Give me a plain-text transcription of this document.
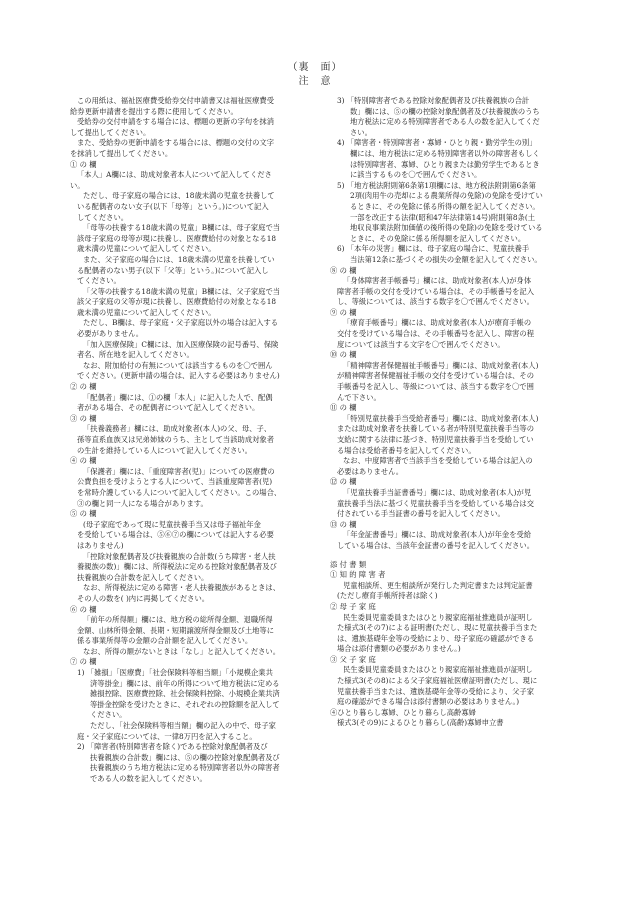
（裏　面）
注　意
この用紙は、福祉医療費受給券交付申請書又は福祉医療費受
給券更新申請書を提出する際に使用してください。
受給券の交付申請をする場合には、標題の更新の字句を抹消
して提出してください。
また、受給券の更新申請をする場合には、標題の交付の文字
を抹消して提出してください。
① の 欄
「本人」A欄には、助成対象者本人について記入してくださ
い。
ただし、母子家庭の場合には、18歳未満の児童を扶養して
いる配偶者のない女子(以下「母等」という。)について記入
してください。
「母等の扶養する18歳未満の児童」B欄には、母子家庭で当
該母子家庭の母等が現に扶養し、医療費給付の対象となる18
歳未満の児童について記入してください。
また、父子家庭の場合には、18歳未満の児童を扶養してい
る配偶者のない男子(以下「父等」という。)について記入し
てください。
「父等の扶養する18歳未満の児童」B欄には、父子家庭で当
該父子家庭の父等が現に扶養し、医療費給付の対象となる18
歳未満の児童について記入してください。
ただし、B欄は、母子家庭・父子家庭以外の場合は記入する
必要がありません。
「加入医療保険」C欄には、加入医療保険の記号番号、保険
者名、所在地を記入してください。
なお、附加給付の有無については該当するものを〇で囲ん
でください。(更新申請の場合は、記入する必要はありません)
② の 欄
「配偶者」欄には、①の欄「本人」に記入した人で、配偶
者がある場合、その配偶者について記入してください。
③ の 欄
「扶養義務者」欄には、助成対象者(本人)の父、母、子、
孫等直系血族又は兄弟姉妹のうち、主として当該助成対象者
の生計を維持している人について記入してください。
④ の 欄
「保護者」欄には、「重度障害者(児)」についての医療費の
公費負担を受けようとする人について、当該重度障害者(児)
を常時介護している人について記入してください。この場合、
③の欄と同一人になる場合があります。
⑤ の 欄
(母子家庭であって現に児童扶養手当又は母子福祉年金
を受給している場合は、⑤⑥⑦の欄については記入する必要
はありません)
「控除対象配偶者及び扶養親族の合計数(うち障害・老人扶
養親族の数)」欄には、所得税法に定める控除対象配偶者及び
扶養親族の合計数を記入してください。
なお、所得税法に定める障害・老人扶養親族があるときは、
その人の数を( )内に再掲してください。
⑥ の 欄
「前年の所得額」欄には、地方税の総所得金額、退職所得
金額、山林所得金額、長期・短期譲渡所得金額及び土地等に
係る事業所得等の金額の合計額を記入してください。
なお、所得の額がないときは「なし」と記入してください。
⑦ の 欄
1) 「雑損」「医療費」「社会保険料等相当額」「小規模企業共
済等掛金」欄には、前年の所得について地方税法に定める
雑損控除、医療費控除、社会保険料控除、小規模企業共済
等掛金控除を受けたときに、それぞれの控除額を記入して
ください。
ただし、「社会保険料等相当額」欄の記入の中で、母子家
庭・父子家庭については、一律8万円を記入すること。
2) 「障害者(特別障害者を除く)である控除対象配偶者及び
扶養親族の合計数」欄には、⑤の欄の控除対象配偶者及び
扶養親族のうち地方税法に定める特別障害者以外の障害者
である人の数を記入してください。
3) 「特別障害者である控除対象配偶者及び扶養親族の合計
数」欄には、⑤の欄の控除対象配偶者及び扶養親族のうち
地方税法に定める特別障害者である人の数を記入してくだ
さい。
4) 「障害者・特別障害者・寡婦・ひとり親・勤労学生の別」
欄には、地方税法に定める特別障害者以外の障害者もしく
は特別障害者、寡婦、ひとり親または勤労学生であるとき
に該当するものを〇で囲んでください。
5) 「地方税法附則第6条第1項欄には、地方税法附則第6条第
2項(肉用牛の売却による農業所得の免除)の免除を受けてい
るときに、その免除に係る所得の額を記入してください。
一部を改正する法律(昭和47年法律第14号)附則第8条(土
地収良事業法附加価値の後所得の免除)の免除を受けている
ときに、その免除に係る所得額を記入してください。
6) 「本年の災害」欄には、母子家庭の場合に、児童扶養手
当法第12条に基づくその損失の金額を記入してください。
⑧ の 欄
「身体障害者手帳番号」欄には、助成対象者(本人)が身体
障害者手帳の交付を受けている場合は、その手帳番号を記入
し、等級については、該当する数字を〇で囲んでください。
⑨ の 欄
「療育手帳番号」欄には、助成対象者(本人)が療育手帳の
交付を受けている場合は、その手帳番号を記入し、障害の程
度については該当する文字を〇で囲んでください。
⑩ の 欄
「精神障害者保健福祉手帳番号」欄には、助成対象者(本人)
が精神障害者保健福祉手帳の交付を受けている場合は、その
手帳番号を記入し、等級については、該当する数字を〇で囲
んで下さい。
⑪ の 欄
「特別児童扶養手当受給者番号」欄には、助成対象者(本人)
または助成対象者を扶養している者が特別児童扶養手当等の
支給に関する法律に基づき、特別児童扶養手当を受給してい
る場合は受給者番号を記入してください。
なお、中度障害者で当該手当を受給している場合は記入の
必要はありません。
⑫ の 欄
「児童扶養手当証書番号」欄には、助成対象者(本人)が児
童扶養手当法に基づく児童扶養手当を受給している場合は交
付されている手当証書の番号を記入してください。
⑬ の 欄
「年金証書番号」欄には、助成対象者(本人)が年金を受給
している場合は、当該年金証書の番号を記入してください。
添 付 書 類
① 知 的 障 害 者
児童相談所、更生相談所が発行した判定書または判定証書
(ただし療育手帳所持者は除く)
② 母 子 家 庭
民生委員児童委員またはひとり親家庭福祉推進員が証明し
た様式3(その7)による証明書(ただし、現に児童扶養手当また
は、遺族基礎年金等の受給により、母子家庭の確認ができる
場合は添付書類の必要がありません。)
③ 父 子 家 庭
民生委員児童委員またはひとり親家庭福祉推進員が証明し
た様式3(その8)による父子家庭福祉医療証明書(ただし、現に
児童扶養手当または、遺族基礎年金等の受給により、父子家
庭の確認ができる場合は添付書類の必要はありません。)
④ひとり暮らし寡婦、ひとり暮らし高齢寡婦
様式3(その9)によるひとり暮らし(高齢)寡婦申立書
